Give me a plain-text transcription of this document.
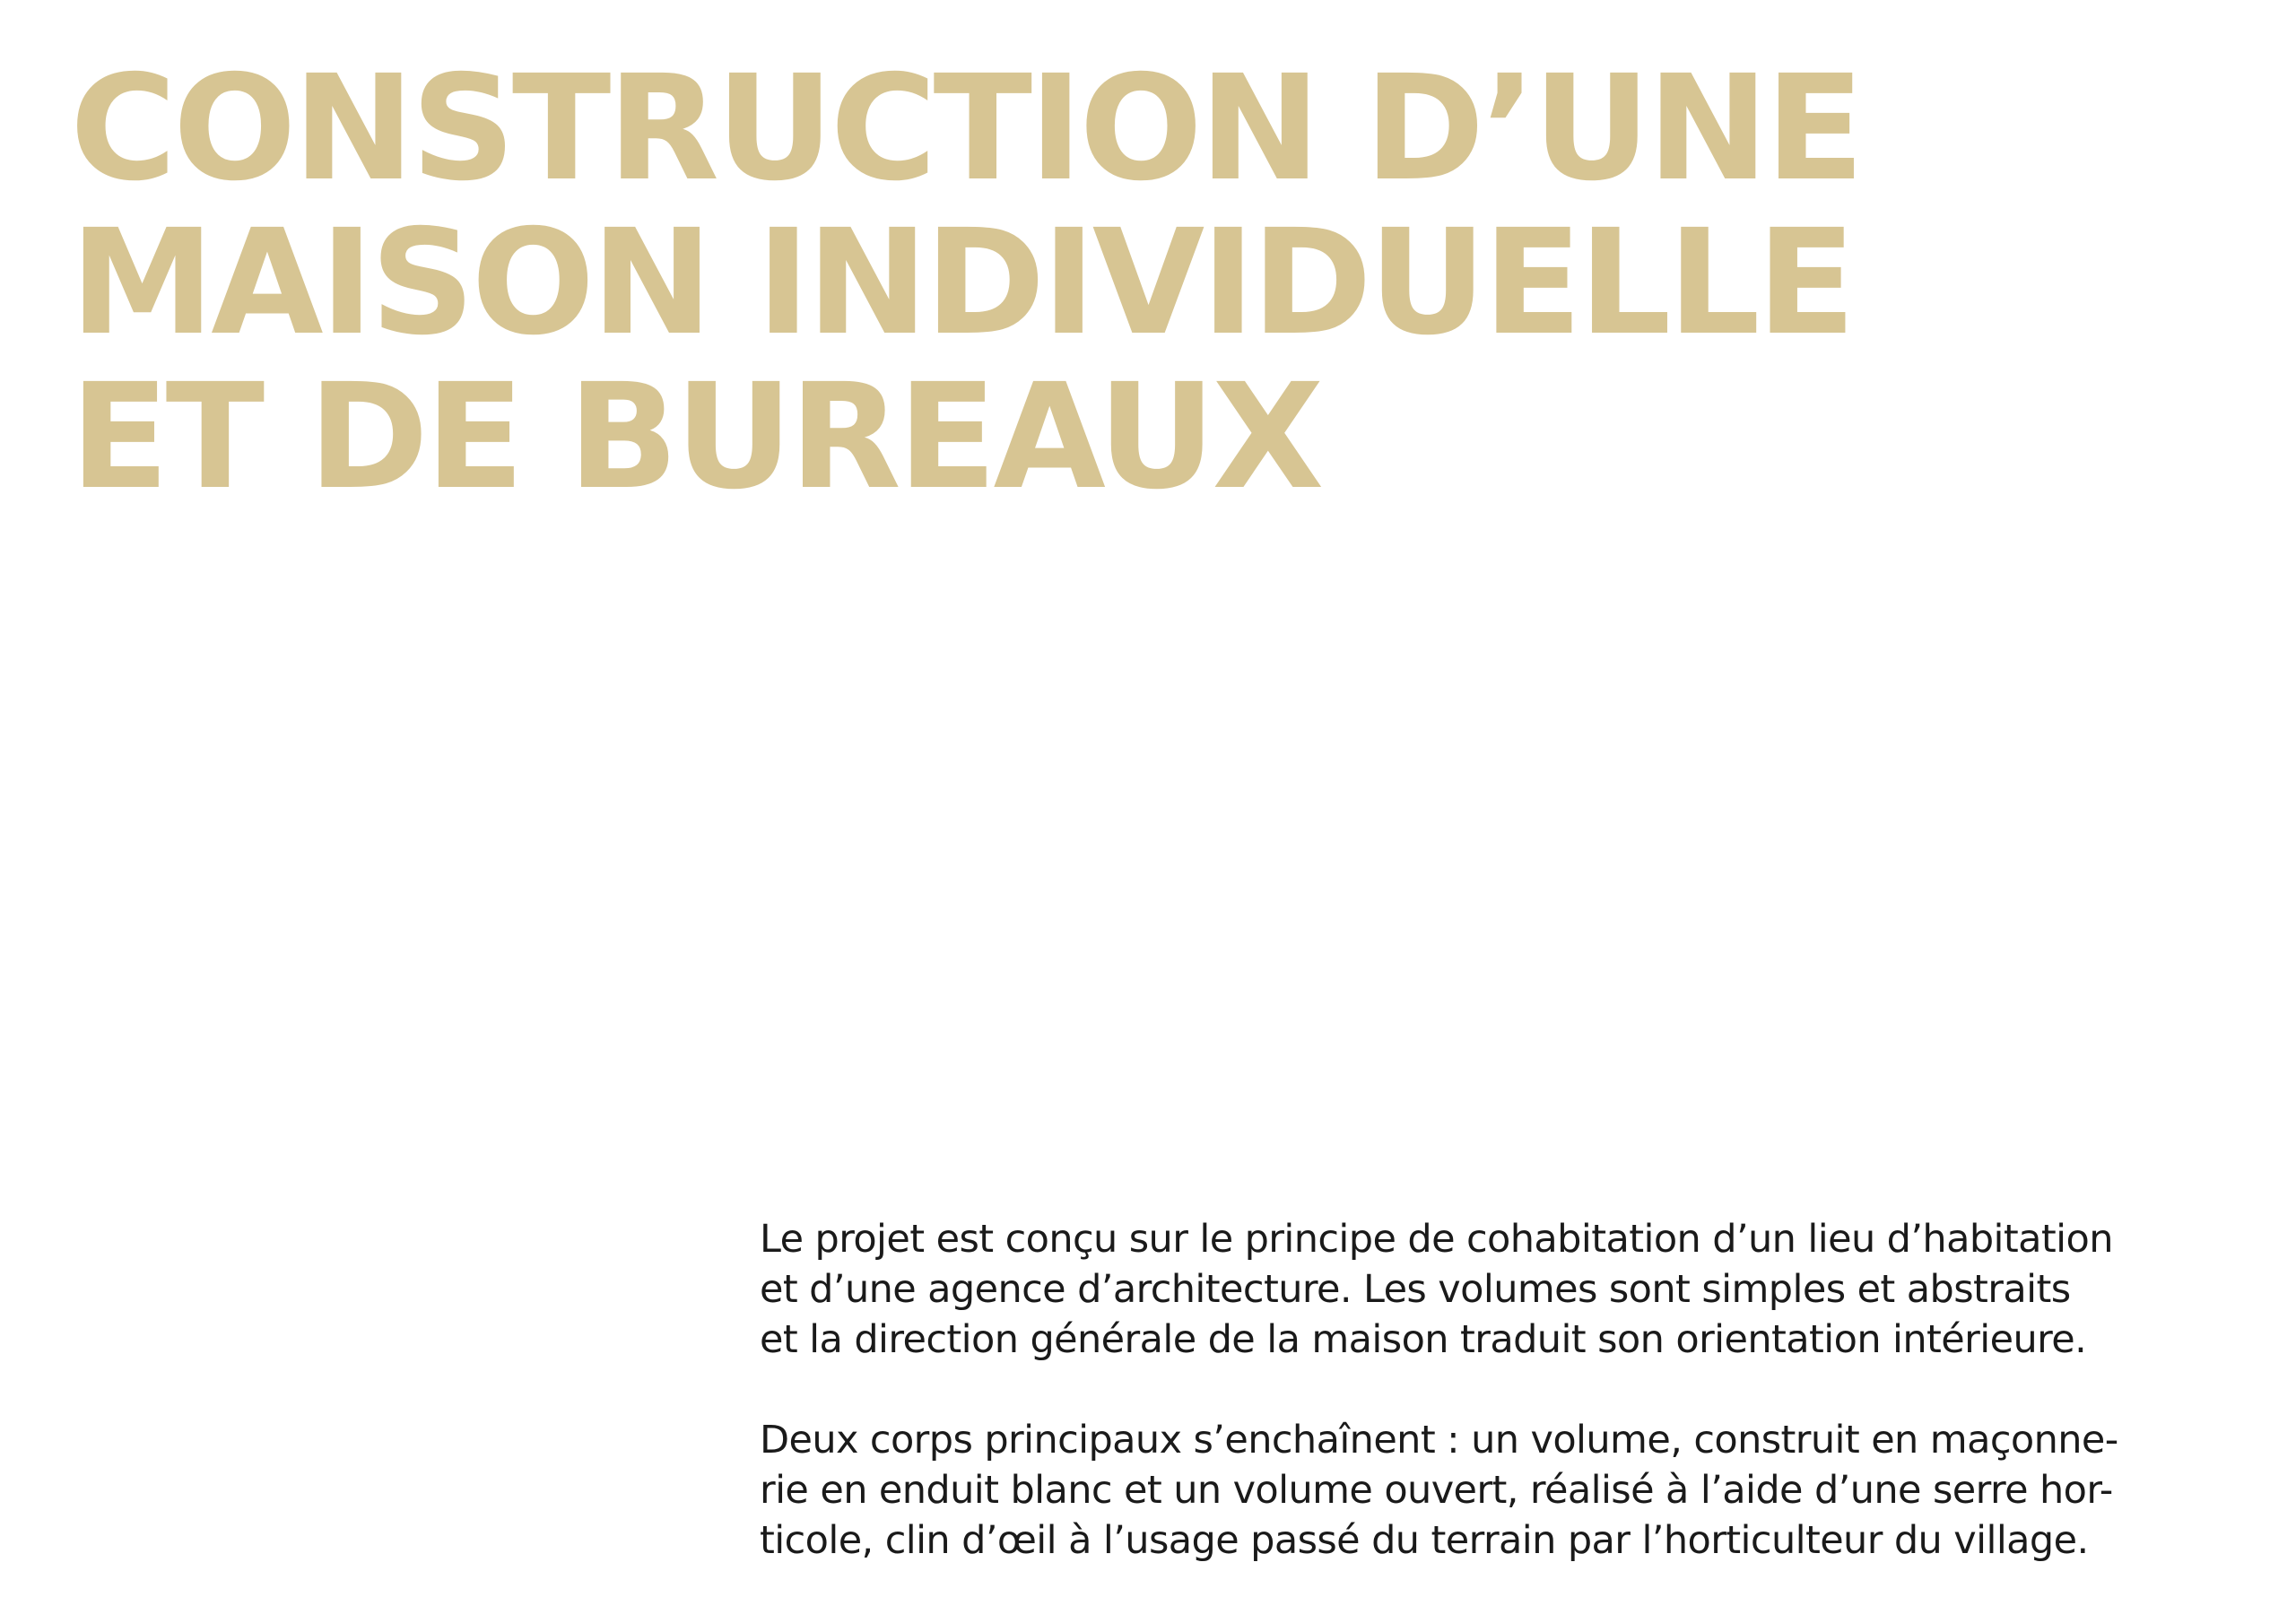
CONSTRUCTION D’UNE
MAISON INDIVIDUELLE
ET DE BUREAUX

Le projet est conçu sur le principe de cohabitation d’un lieu d’habitation
et d’une agence d’architecture. Les volumes sont simples et abstraits
et la direction générale de la maison traduit son orientation intérieure.

Deux corps principaux s’enchaînent : un volume, construit en maçonne-
rie en enduit blanc et un volume ouvert, réalisé à l’aide d’une serre hor-
ticole, clin d’œil à l’usage passé du terrain par l’horticulteur du village.
